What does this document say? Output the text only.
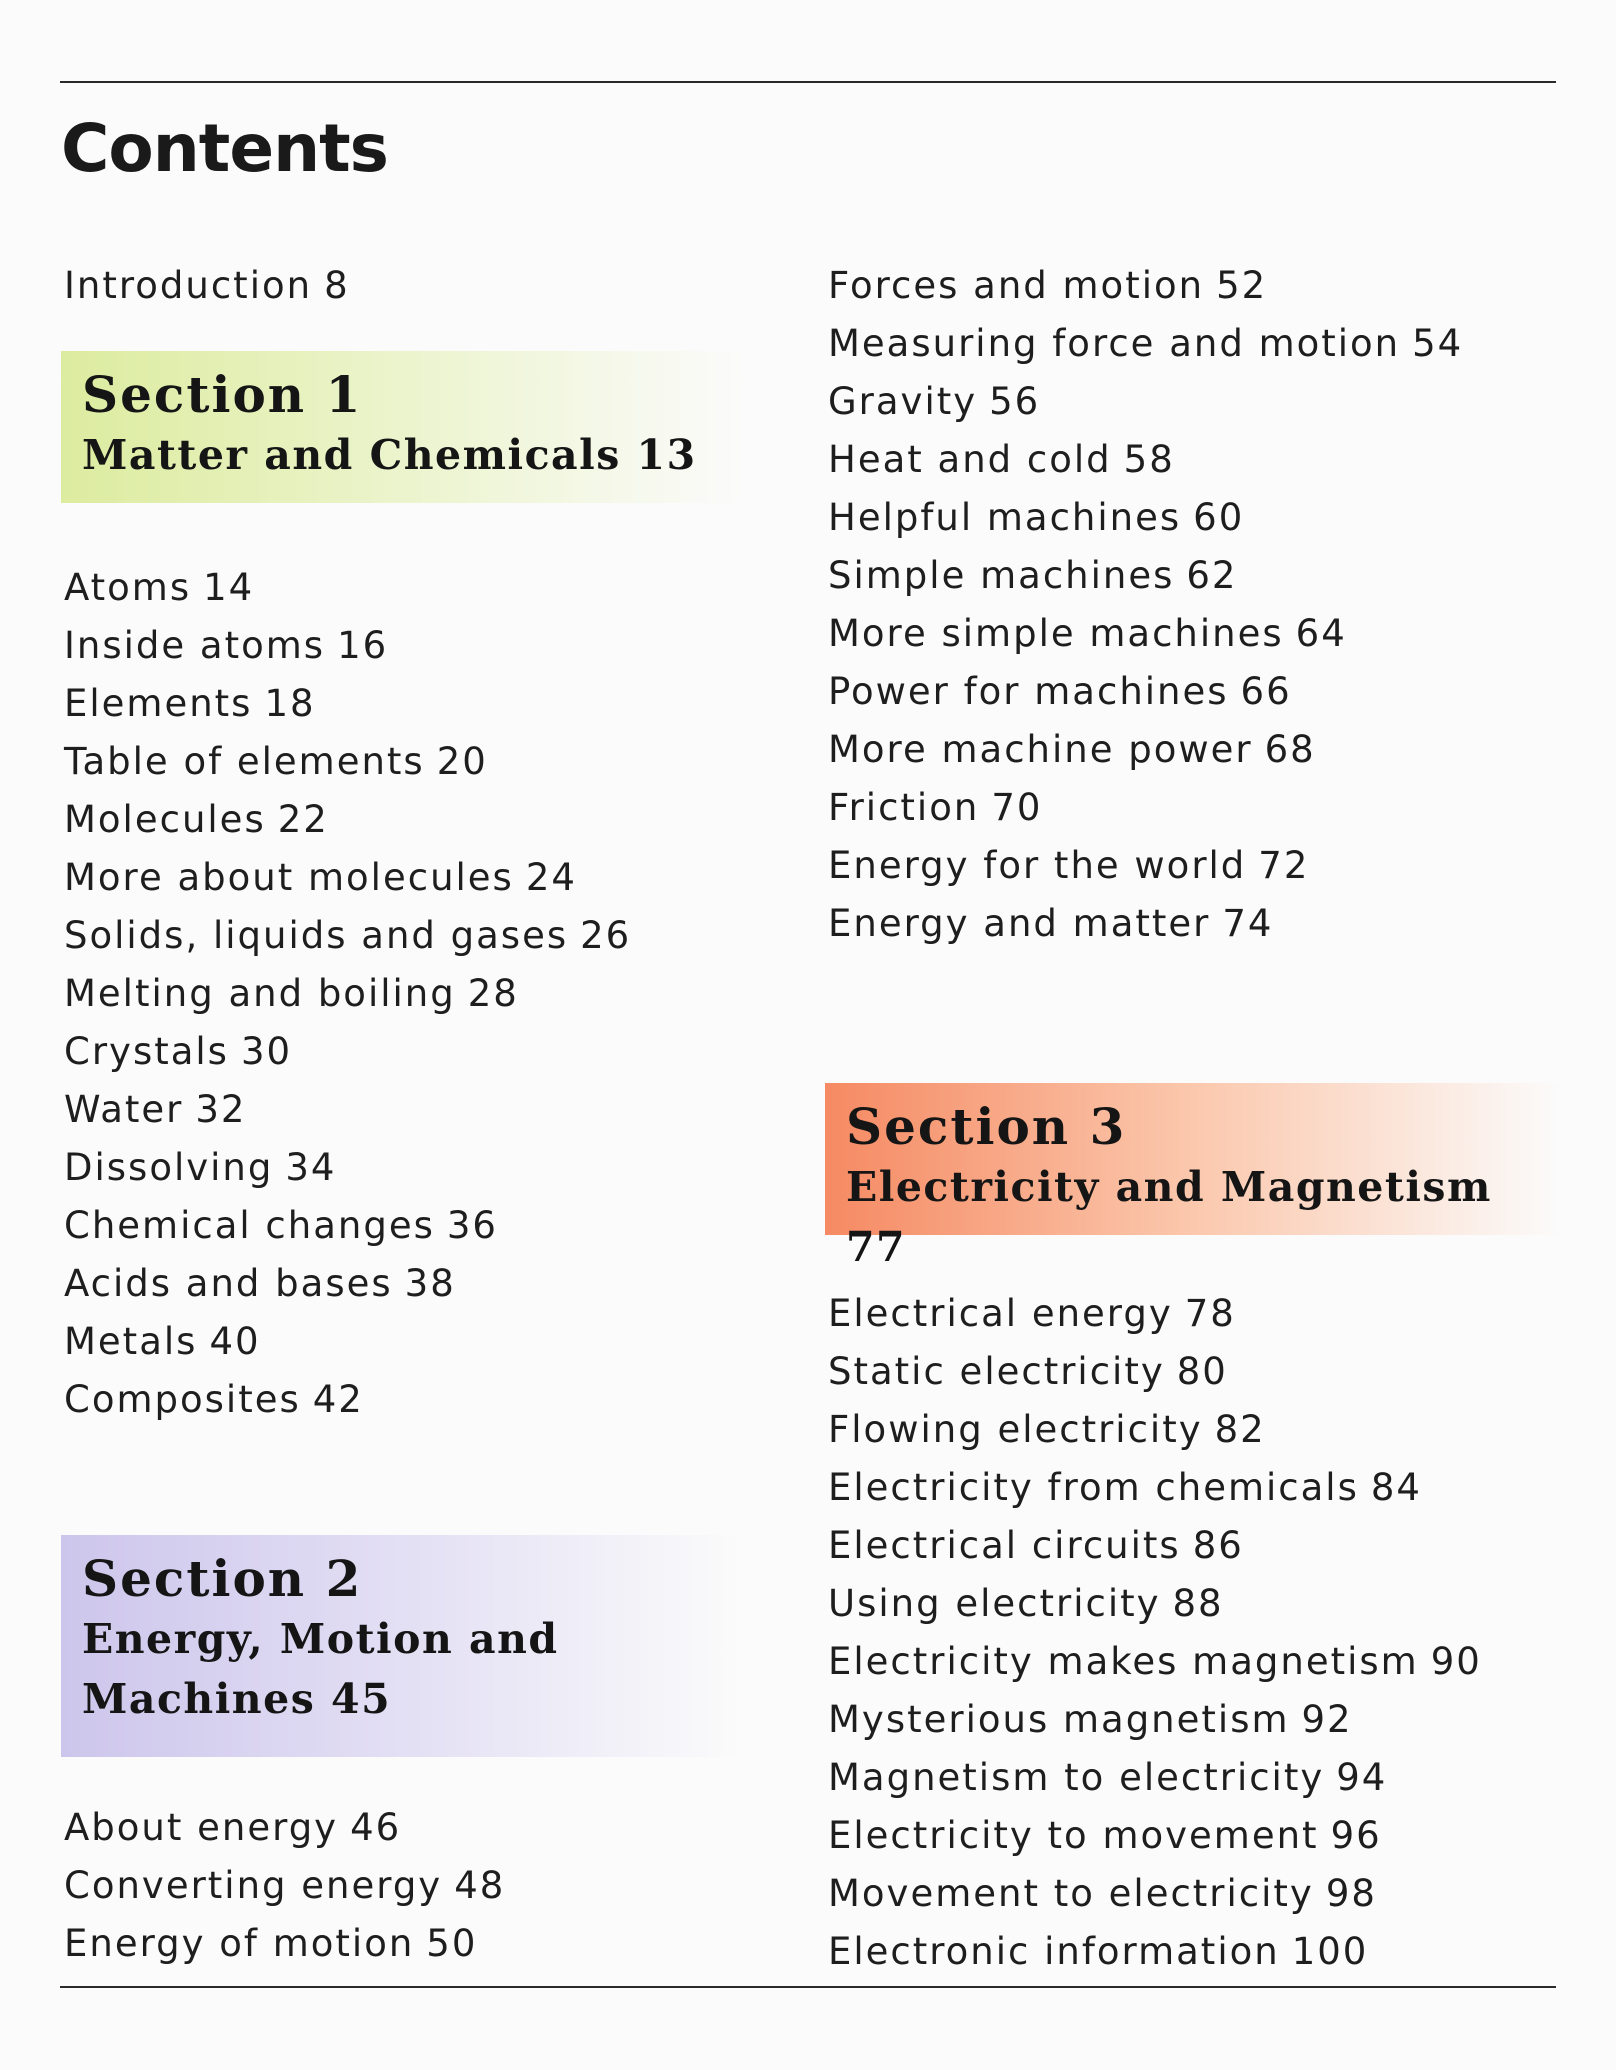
Contents
Introduction 8
Section 1
Matter and Chemicals 13
Atoms 14
Inside atoms 16
Elements 18
Table of elements 20
Molecules 22
More about molecules 24
Solids, liquids and gases 26
Melting and boiling 28
Crystals 30
Water 32
Dissolving 34
Chemical changes 36
Acids and bases 38
Metals 40
Composites 42
Section 2
Energy, Motion and
Machines 45
About energy 46
Converting energy 48
Energy of motion 50
Forces and motion 52
Measuring force and motion 54
Gravity 56
Heat and cold 58
Helpful machines 60
Simple machines 62
More simple machines 64
Power for machines 66
More machine power 68
Friction 70
Energy for the world 72
Energy and matter 74
Section 3
Electricity and Magnetism 77
Electrical energy 78
Static electricity 80
Flowing electricity 82
Electricity from chemicals 84
Electrical circuits 86
Using electricity 88
Electricity makes magnetism 90
Mysterious magnetism 92
Magnetism to electricity 94
Electricity to movement 96
Movement to electricity 98
Electronic information 100
